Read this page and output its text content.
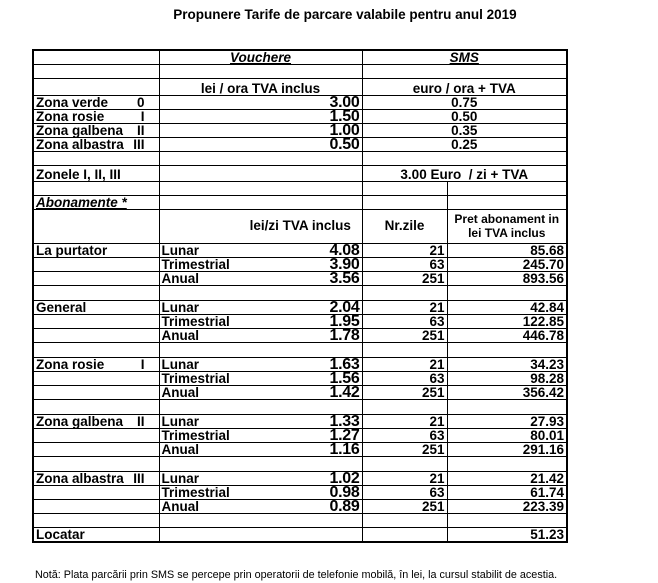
Propunere Tarife de parcare valabile pentru anul 2019
	Vouchere		SMS	

	lei / ora TVA inclus		euro / ora + TVA	

Zona verde 0	3.00		0.75	

Zona rosie I	1.50		0.50	

Zona galbena II	1.00		0.35	

Zona albastra III	0.50		0.25	

Zonele I, II, III			3.00 Euro  / zi + TVA	

Abonamente *				
		lei/zi TVA inclus	Nr.zile	Pret abonament in
lei TVA inclus

La purtator	Lunar	4.08	21	85.68
	Trimestrial	3.90	63	245.70
	Anual	3.56	251	893.56

General	Lunar	2.04	21	42.84
	Trimestrial	1.95	63	122.85
	Anual	1.78	251	446.78

Zona rosie I	Lunar	1.63	21	34.23
	Trimestrial	1.56	63	98.28
	Anual	1.42	251	356.42

Zona galbena II	Lunar	1.33	21	27.93
	Trimestrial	1.27	63	80.01
	Anual	1.16	251	291.16

Zona albastra III	Lunar	1.02	21	21.42
	Trimestrial	0.98	63	61.74
	Anual	0.89	251	223.39

Locatar				51.23
Notă: Plata parcării prin SMS se percepe prin operatorii de telefonie mobilă, în lei, la cursul stabilit de acestia.
